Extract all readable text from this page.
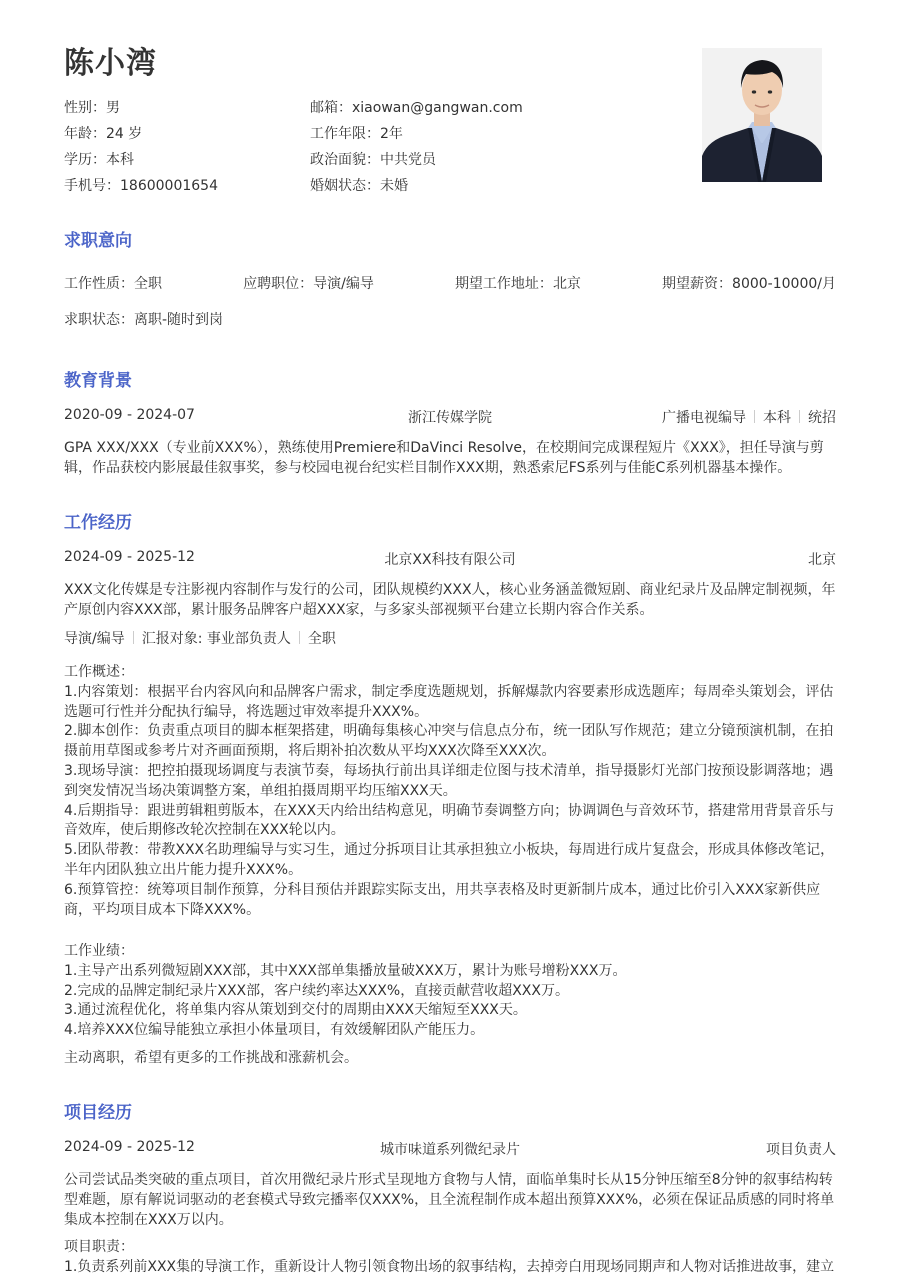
陈小湾
性别：男	邮箱：xiaowan@gangwan.com
年龄：24 岁	工作年限：2年
学历：本科	政治面貌：中共党员
手机号：18600001654	婚姻状态：未婚
求职意向
工作性质：全职	应聘职位：导演/编导	期望工作地址：北京	期望薪资：8000-10000/月
求职状态： 离职-随时到岗
教育背景
2020-09 - 2024-07	浙江传媒学院	广播电视编导 本科 统招
GPA XXX/XXX（专业前XXX%），熟练使用Premiere和DaVinci Resolve，在校期间完成课程短片《XXX》，担任导演与剪辑，作品获校内影展最佳叙事奖，参与校园电视台纪实栏目制作XXX期，熟悉索尼FS系列与佳能C系列机器基本操作。
工作经历
2024-09 - 2025-12	北京XX科技有限公司	北京
XXX文化传媒是专注影视内容制作与发行的公司，团队规模约XXX人，核心业务涵盖微短剧、商业纪录片及品牌定制视频，年产原创内容XXX部，累计服务品牌客户超XXX家，与多家头部视频平台建立长期内容合作关系。
导演/编导 汇报对象: 事业部负责人 全职
工作概述：
1.内容策划：根据平台内容风向和品牌客户需求，制定季度选题规划，拆解爆款内容要素形成选题库；每周牵头策划会，评估选题可行性并分配执行编导，将选题过审效率提升XXX%。
2.脚本创作：负责重点项目的脚本框架搭建，明确每集核心冲突与信息点分布，统一团队写作规范；建立分镜预演机制，在拍摄前用草图或参考片对齐画面预期，将后期补拍次数从平均XXX次降至XXX次。
3.现场导演：把控拍摄现场调度与表演节奏，每场执行前出具详细走位图与技术清单，指导摄影灯光部门按预设影调落地；遇到突发情况当场决策调整方案，单组拍摄周期平均压缩XXX天。
4.后期指导：跟进剪辑粗剪版本，在XXX天内给出结构意见，明确节奏调整方向；协调调色与音效环节，搭建常用背景音乐与音效库，使后期修改轮次控制在XXX轮以内。
5.团队带教：带教XXX名助理编导与实习生，通过分拆项目让其承担独立小板块，每周进行成片复盘会，形成具体修改笔记，半年内团队独立出片能力提升XXX%。
6.预算管控：统筹项目制作预算，分科目预估并跟踪实际支出，用共享表格及时更新制片成本，通过比价引入XXX家新供应商，平均项目成本下降XXX%。
工作业绩：
1.主导产出系列微短剧XXX部，其中XXX部单集播放量破XXX万，累计为账号增粉XXX万。
2.完成的品牌定制纪录片XXX部，客户续约率达XXX%，直接贡献营收超XXX万。
3.通过流程优化，将单集内容从策划到交付的周期由XXX天缩短至XXX天。
4.培养XXX位编导能独立承担小体量项目，有效缓解团队产能压力。
主动离职，希望有更多的工作挑战和涨薪机会。
项目经历
2024-09 - 2025-12	城市味道系列微纪录片	项目负责人
公司尝试品类突破的重点项目，首次用微纪录片形式呈现地方食物与人情，面临单集时长从15分钟压缩至8分钟的叙事结构转型难题，原有解说词驱动的老套模式导致完播率仅XXX%，且全流程制作成本超出预算XXX%，必须在保证品质感的同时将单集成本控制在XXX万以内。
项目职责：
1.负责系列前XXX集的导演工作，重新设计人物引领食物出场的叙事结构，去掉旁白用现场同期声和人物对话推进故事，建立
